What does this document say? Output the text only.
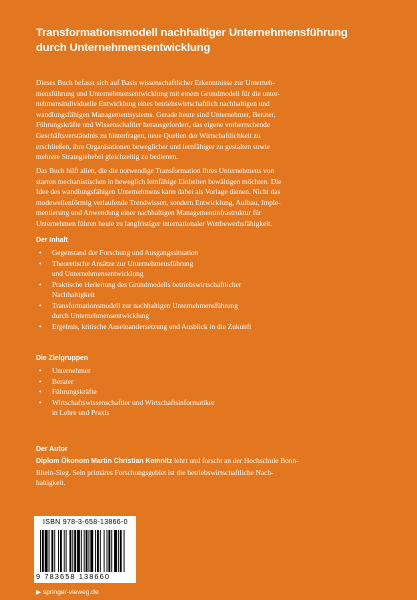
Transformationsmodell nachhaltiger Unternehmensführung
durch Unternehmensentwicklung
Dieses Buch befasst sich auf Basis wissenschaftlicher Erkenntnisse zur Unterneh-
mensführung und Unternehmensentwicklung mit einem Grundmodell für die unter-
nehmensindividuelle Entwicklung eines betriebswirtschaftlich nachhaltigen und
wandlungsfähigen Managementsystems. Gerade heute sind Unternehmer, Berater,
Führungskräfte und Wissenschaftler herausgefordert, das eigene vorherrschende
Geschäftsverständnis zu hinterfragen, neue Quellen der Wirtschaftlichkeit zu
erschließen, ihre Organisationen beweglicher und lernfähiger zu gestalten sowie
mehrere Strategiehebel gleichzeitig zu bedienen.
Das Buch hilft allen, die die notwendige Transformation Ihres Unternehmens von
starren mechanistischen in beweglich lernfähige Einheiten bewältigen möchten. Die
Idee des wandlungsfähigen Unternehmens kann dabei als Vorlage dienen. Nicht das
modewellenförmig verlaufende Trendwissen, sondern Entwicklung, Aufbau, Imple-
mentierung und Anwendung einer nachhaltigen Managementinfrastruktur für
Unternehmen führen heute zu langfristiger internationaler Wettbewerbsfähigkeit.
Der Inhalt
• Gegenstand der Forschung und Ausgangssituation
• Theoretische Ansätze zur Unternehmensführung
und Unternehmensentwicklung
• Praktische Herleitung des Grundmodells betriebswirtschaftlicher
Nachhaltigkeit
• Transformationsmodell zur nachhaltigen Unternehmensführung
durch Unternehmensentwicklung
• Ergebnis, kritische Auseinandersetzung und Ausblick in die Zukunft
Die Zielgruppen
• Unternehmer
• Berater
• Führungskräfte
• Wirtschaftswissenschaftler und Wirtschaftsinformatiker
in Lehre und Praxis
Der Autor
Diplom Ökonom Martin Christian Kemnitz lehrt und forscht an der Hochschule Bonn-
Rhein-Sieg. Sein primäres Forschungsgebiet ist die betriebswirtschaftliche Nach-
haltigkeit.
ISBN 978-3-658-13866-0
9 783658 138660
▶ springer-vieweg.de
